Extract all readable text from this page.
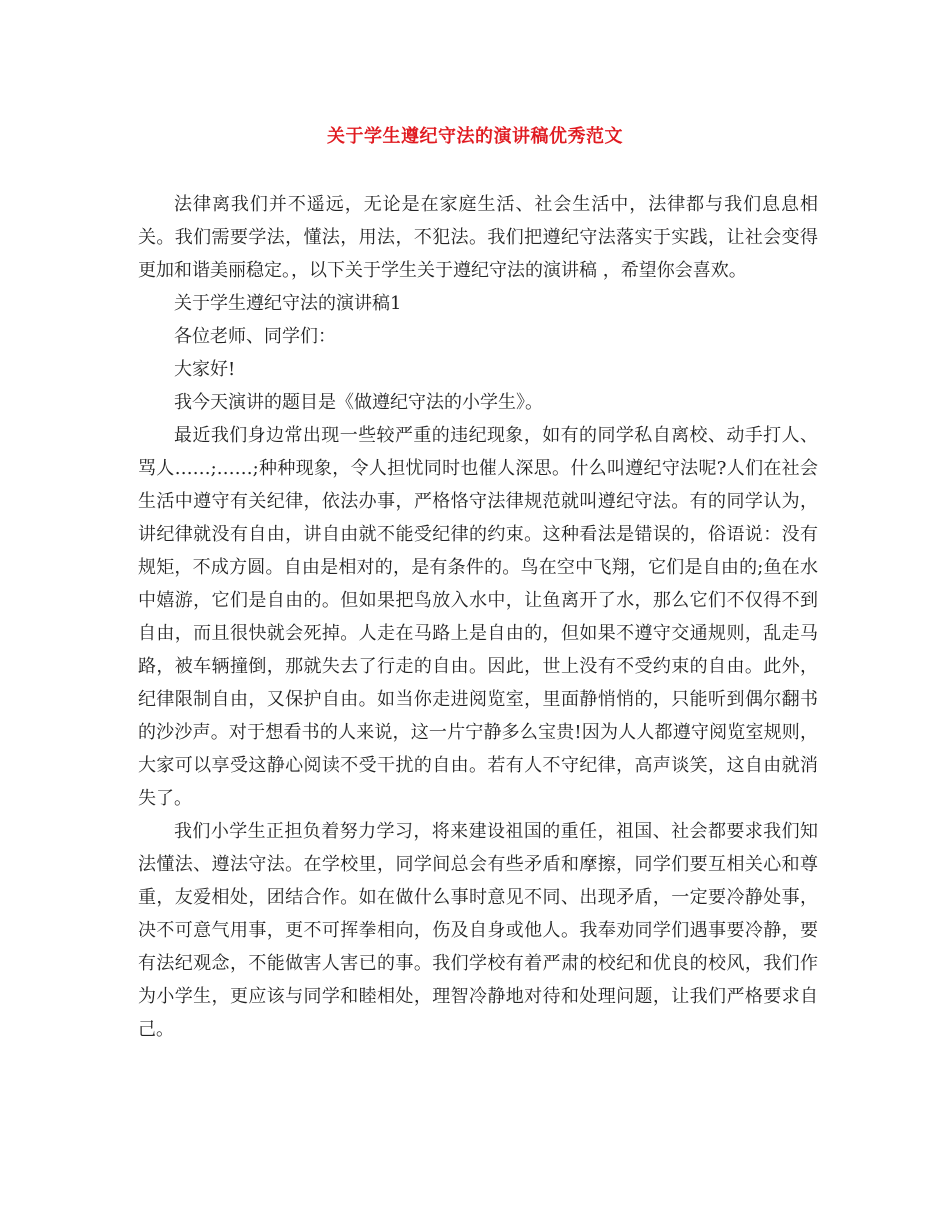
关于学生遵纪守法的演讲稿优秀范文

法律离我们并不遥远，无论是在家庭生活、社会生活中，法律都与我们息息相关。我们需要学法，懂法，用法，不犯法。我们把遵纪守法落实于实践，让社会变得更加和谐美丽稳定。，以下关于学生关于遵纪守法的演讲稿 ，希望你会喜欢。

关于学生遵纪守法的演讲稿1

各位老师、同学们：

大家好!

我今天演讲的题目是《做遵纪守法的小学生》。

最近我们身边常出现一些较严重的违纪现象，如有的同学私自离校、动手打人、骂人……;……;种种现象，令人担忧同时也催人深思。什么叫遵纪守法呢?人们在社会生活中遵守有关纪律，依法办事，严格恪守法律规范就叫遵纪守法。有的同学认为，讲纪律就没有自由，讲自由就不能受纪律的约束。这种看法是错误的，俗语说：没有规矩，不成方圆。自由是相对的，是有条件的。鸟在空中飞翔，它们是自由的;鱼在水中嬉游，它们是自由的。但如果把鸟放入水中，让鱼离开了水，那么它们不仅得不到自由，而且很快就会死掉。人走在马路上是自由的，但如果不遵守交通规则，乱走马路，被车辆撞倒，那就失去了行走的自由。因此，世上没有不受约束的自由。此外，纪律限制自由，又保护自由。如当你走进阅览室，里面静悄悄的，只能听到偶尔翻书的沙沙声。对于想看书的人来说，这一片宁静多么宝贵!因为人人都遵守阅览室规则，大家可以享受这静心阅读不受干扰的自由。若有人不守纪律，高声谈笑，这自由就消失了。

我们小学生正担负着努力学习，将来建设祖国的重任，祖国、社会都要求我们知法懂法、遵法守法。在学校里，同学间总会有些矛盾和摩擦，同学们要互相关心和尊重，友爱相处，团结合作。如在做什么事时意见不同、出现矛盾，一定要冷静处事，决不可意气用事，更不可挥拳相向，伤及自身或他人。我奉劝同学们遇事要冷静，要有法纪观念，不能做害人害已的事。我们学校有着严肃的校纪和优良的校风，我们作为小学生，更应该与同学和睦相处，理智冷静地对待和处理问题，让我们严格要求自己。
